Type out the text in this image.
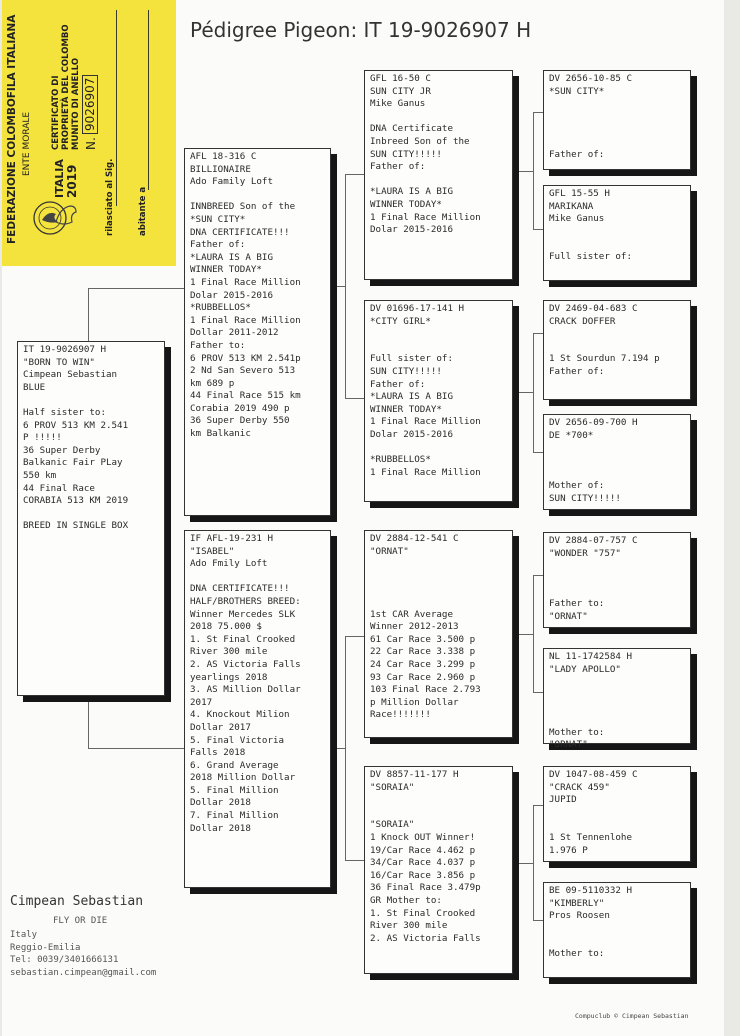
FEDERAZIONE COLOMBOFILA ITALIANA ENTE MORALE
ITALIA 2019
CERTIFICATO DI PROPRIETÀ DEL COLOMBO MUNITO DI ANELLO N.
9026907
rilasciato al Sig.	abitante a
Pédigree Pigeon: IT 19-9026907 H
IT 19-9026907 H
"BORN TO WIN"
Cimpean Sebastian
BLUE

Half sister to:
6 PROV 513 KM 2.541
P !!!!!
36 Super Derby
Balkanic Fair PLay
550 km
44 Final Race
CORABIA 513 KM 2019

BREED IN SINGLE BOX
AFL 18-316 C
BILLIONAIRE
Ado Family Loft

INNBREED Son of the
*SUN CITY*
DNA CERTIFICATE!!!
Father of:
*LAURA IS A BIG
WINNER TODAY*
1 Final Race Million
Dolar 2015-2016
*RUBBELLOS*
1 Final Race Million
Dollar 2011-2012
Father to:
6 PROV 513 KM 2.541p
2 Nd San Severo 513
km 689 p
44 Final Race 515 km
Corabia 2019 490 p
36 Super Derby 550
km Balkanic
IF AFL-19-231 H
"ISABEL"
Ado Fmily Loft

DNA CERTIFICATE!!!
HALF/BROTHERS BREED:
Winner Mercedes SLK
2018 75.000 $
1. St Final Crooked
River 300 mile
2. AS Victoria Falls
yearlings 2018
3. AS Million Dollar
2017
4. Knockout Milion
Dollar 2017
5. Final Victoria
Falls 2018
6. Grand Average
2018 Million Dollar
5. Final Million
Dollar 2018
7. Final Million
Dollar 2018
GFL 16-50 C
SUN CITY JR
Mike Ganus

DNA Certificate
Inbreed Son of the
SUN CITY!!!!!
Father of:

*LAURA IS A BIG
WINNER TODAY*
1 Final Race Million
Dolar 2015-2016
DV 01696-17-141 H
*CITY GIRL*

Full sister of:
SUN CITY!!!!!
Father of:
*LAURA IS A BIG
WINNER TODAY*
1 Final Race Million
Dolar 2015-2016

*RUBBELLOS*
1 Final Race Million
DV 2884-12-541 C
"ORNAT"

1st CAR Average
Winner 2012-2013
61 Car Race 3.500 p
22 Car Race 3.338 p
24 Car Race 3.299 p
93 Car Race 2.960 p
103 Final Race 2.793
p Million Dollar
Race!!!!!!!
DV 8857-11-177 H
"SORAIA"

"SORAIA"
1 Knock OUT Winner!
19/Car Race 4.462 p
34/Car Race 4.037 p
16/Car Race 3.856 p
36 Final Race 3.479p
GR Mother to:
1. St Final Crooked
River 300 mile
2. AS Victoria Falls
DV 2656-10-85 C
*SUN CITY*

Father of:
GFL 15-55 H
MARIKANA
Mike Ganus

Full sister of:
DV 2469-04-683 C
CRACK DOFFER

1 St Sourdun 7.194 p
Father of:
DV 2656-09-700 H
DE *700*

Mother of:
SUN CITY!!!!!
DV 2884-07-757 C
"WONDER "757"

Father to:
"ORNAT"
NL 11-1742584 H
"LADY APOLLO"

Mother to:
"ORNAT"
DV 1047-08-459 C
"CRACK 459"
JUPID

1 St Tennenlohe
1.976 P
BE 09-5110332 H
"KIMBERLY"
Pros Roosen

Mother to:
Cimpean Sebastian
FLY OR DIE
Italy
Reggio-Emilia
Tel: 0039/3401666131
sebastian.cimpean@gmail.com
Compuclub © Cimpean Sebastian
